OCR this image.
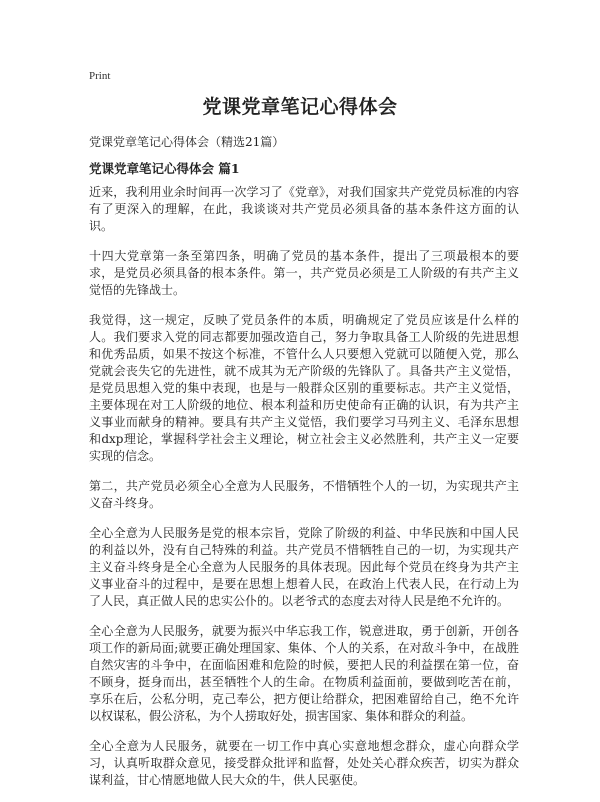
Print
党课党章笔记心得体会
党课党章笔记心得体会（精选21篇）
党课党章笔记心得体会 篇1

近来，我利用业余时间再一次学习了《党章》，对我们国家共产党党员标准的内容有了更深入的理解，在此，我谈谈对共产党员必须具备的基本条件这方面的认识。

十四大党章第一条至第四条，明确了党员的基本条件，提出了三项最根本的要求，是党员必须具备的根本条件。第一，共产党员必须是工人阶级的有共产主义觉悟的先锋战士。

我觉得，这一规定，反映了党员条件的本质，明确规定了党员应该是什么样的人。我们要求入党的同志都要加强改造自己，努力争取具备工人阶级的先进思想和优秀品质，如果不按这个标准，不管什么人只要想入党就可以随便入党，那么党就会丧失它的先进性，就不成其为无产阶级的先锋队了。具备共产主义觉悟，是党员思想入党的集中表现，也是与一般群众区别的重要标志。共产主义觉悟，主要体现在对工人阶级的地位、根本利益和历史使命有正确的认识，有为共产主义事业而献身的精神。要具有共产主义觉悟，我们要学习马列主义、毛泽东思想和dxp理论，掌握科学社会主义理论，树立社会主义必然胜利，共产主义一定要实现的信念。

第二，共产党员必须全心全意为人民服务，不惜牺牲个人的一切，为实现共产主义奋斗终身。

全心全意为人民服务是党的根本宗旨，党除了阶级的利益、中华民族和中国人民的利益以外，没有自己特殊的利益。共产党员不惜牺牲自己的一切，为实现共产主义奋斗终身是全心全意为人民服务的具体表现。因此每个党员在终身为共产主义事业奋斗的过程中，是要在思想上想着人民，在政治上代表人民，在行动上为了人民，真正做人民的忠实公仆的。以老爷式的态度去对待人民是绝不允许的。

全心全意为人民服务，就要为振兴中华忘我工作，锐意进取，勇于创新，开创各项工作的新局面;就要正确处理国家、集体、个人的关系，在对敌斗争中，在战胜自然灾害的斗争中，在面临困难和危险的时候，要把人民的利益摆在第一位，奋不顾身，挺身而出，甚至牺牲个人的生命。在物质利益面前，要做到吃苦在前，享乐在后，公私分明，克己奉公，把方便让给群众，把困难留给自己，绝不允许以权谋私，假公济私，为个人捞取好处，损害国家、集体和群众的利益。

全心全意为人民服务，就要在一切工作中真心实意地想念群众，虚心向群众学习，认真听取群众意见，接受群众批评和监督，处处关心群众疾苦，切实为群众谋利益，甘心情愿地做人民大众的牛，供人民驱使。
